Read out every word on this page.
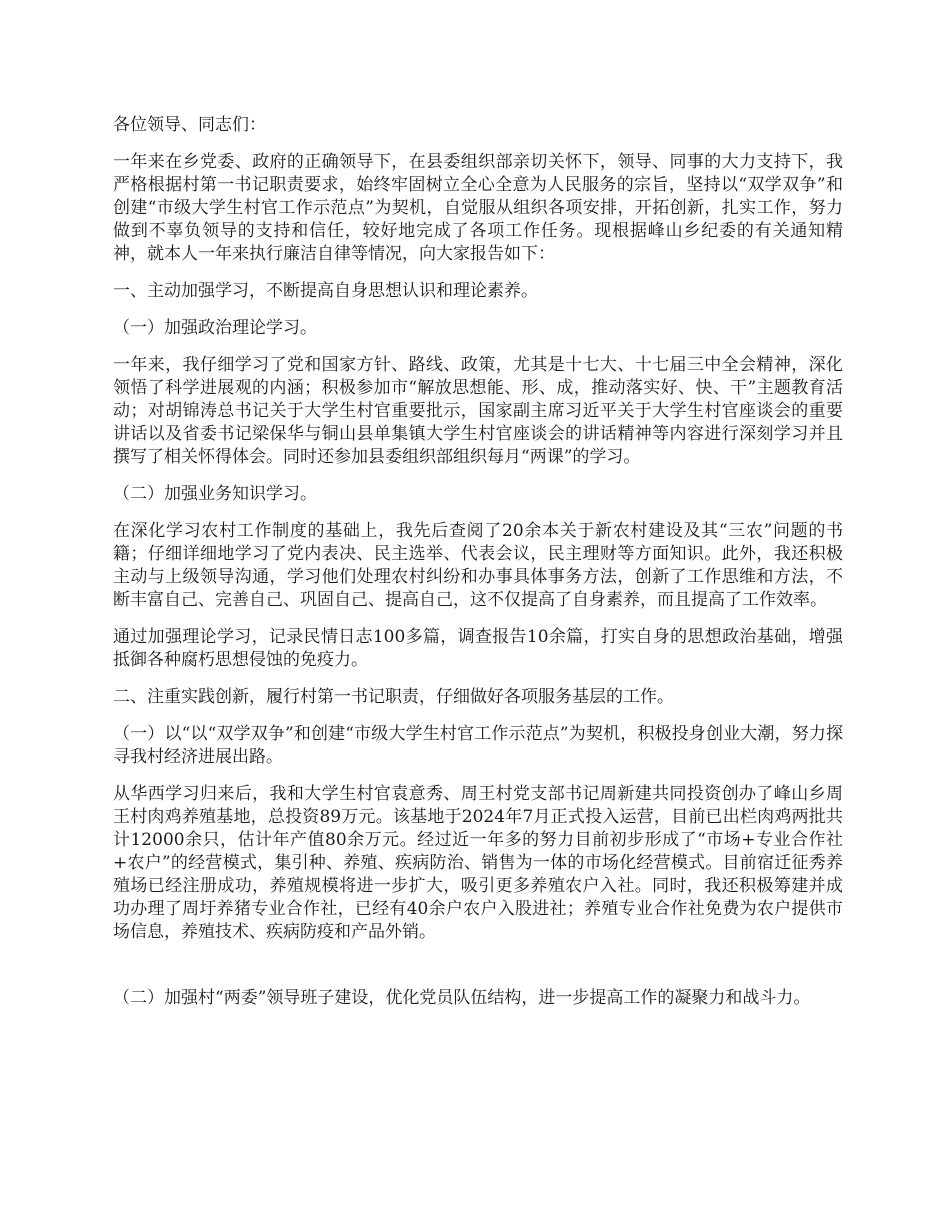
各位领导、同志们：

一年来在乡党委、政府的正确领导下，在县委组织部亲切关怀下，领导、同事的大力支持下，我严格根据村第一书记职责要求，始终牢固树立全心全意为人民服务的宗旨，坚持以“双学双争”和创建“市级大学生村官工作示范点”为契机，自觉服从组织各项安排，开拓创新，扎实工作，努力做到不辜负领导的支持和信任，较好地完成了各项工作任务。现根据峰山乡纪委的有关通知精神，就本人一年来执行廉洁自律等情况，向大家报告如下：

一、主动加强学习，不断提高自身思想认识和理论素养。

（一）加强政治理论学习。

一年来，我仔细学习了党和国家方针、路线、政策，尤其是十七大、十七届三中全会精神，深化领悟了科学进展观的内涵；积极参加市“解放思想能、形、成，推动落实好、快、干”主题教育活动；对胡锦涛总书记关于大学生村官重要批示，国家副主席习近平关于大学生村官座谈会的重要讲话以及省委书记梁保华与铜山县单集镇大学生村官座谈会的讲话精神等内容进行深刻学习并且撰写了相关怀得体会。同时还参加县委组织部组织每月“两课”的学习。

（二）加强业务知识学习。

在深化学习农村工作制度的基础上，我先后查阅了20余本关于新农村建设及其“三农”问题的书籍；仔细详细地学习了党内表决、民主选举、代表会议，民主理财等方面知识。此外，我还积极主动与上级领导沟通，学习他们处理农村纠纷和办事具体事务方法，创新了工作思维和方法，不断丰富自己、完善自己、巩固自己、提高自己，这不仅提高了自身素养，而且提高了工作效率。

通过加强理论学习，记录民情日志100多篇，调查报告10余篇，打实自身的思想政治基础，增强抵御各种腐朽思想侵蚀的免疫力。

二、注重实践创新，履行村第一书记职责，仔细做好各项服务基层的工作。

（一）以“以“双学双争”和创建“市级大学生村官工作示范点”为契机，积极投身创业大潮，努力探寻我村经济进展出路。

从华西学习归来后，我和大学生村官袁意秀、周王村党支部书记周新建共同投资创办了峰山乡周王村肉鸡养殖基地，总投资89万元。该基地于2024年7月正式投入运营，目前已出栏肉鸡两批共计12000余只，估计年产值80余万元。经过近一年多的努力目前初步形成了“市场+专业合作社+农户”的经营模式，集引种、养殖、疾病防治、销售为一体的市场化经营模式。目前宿迁征秀养殖场已经注册成功，养殖规模将进一步扩大，吸引更多养殖农户入社。同时，我还积极筹建并成功办理了周圩养猪专业合作社，已经有40余户农户入股进社；养殖专业合作社免费为农户提供市场信息，养殖技术、疾病防疫和产品外销。

（二）加强村“两委”领导班子建设，优化党员队伍结构，进一步提高工作的凝聚力和战斗力。
